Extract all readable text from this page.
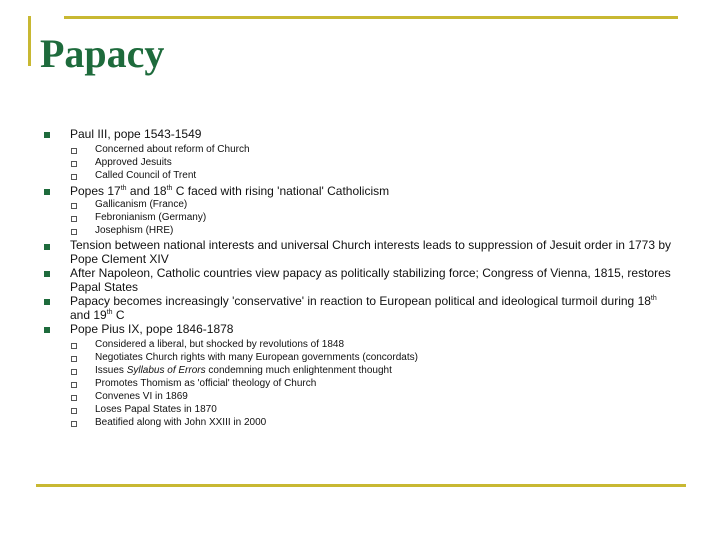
Papacy
Paul III, pope 1543-1549
Concerned about reform of Church
Approved Jesuits
Called Council of Trent
Popes 17th and 18th C faced with rising 'national' Catholicism
Gallicanism (France)
Febronianism (Germany)
Josephism (HRE)
Tension between national interests and universal Church interests leads to suppression of Jesuit order in 1773 by Pope Clement XIV
After Napoleon, Catholic countries view papacy as politically stabilizing force; Congress of Vienna, 1815, restores Papal States
Papacy becomes increasingly 'conservative' in reaction to European political and ideological turmoil during 18th and 19th C
Pope Pius IX, pope 1846-1878
Considered a liberal, but shocked by revolutions of 1848
Negotiates Church rights with many European governments (concordats)
Issues Syllabus of Errors condemning much enlightenment thought
Promotes Thomism as 'official' theology of Church
Convenes VI in 1869
Loses Papal States in 1870
Beatified along with John XXIII in 2000
